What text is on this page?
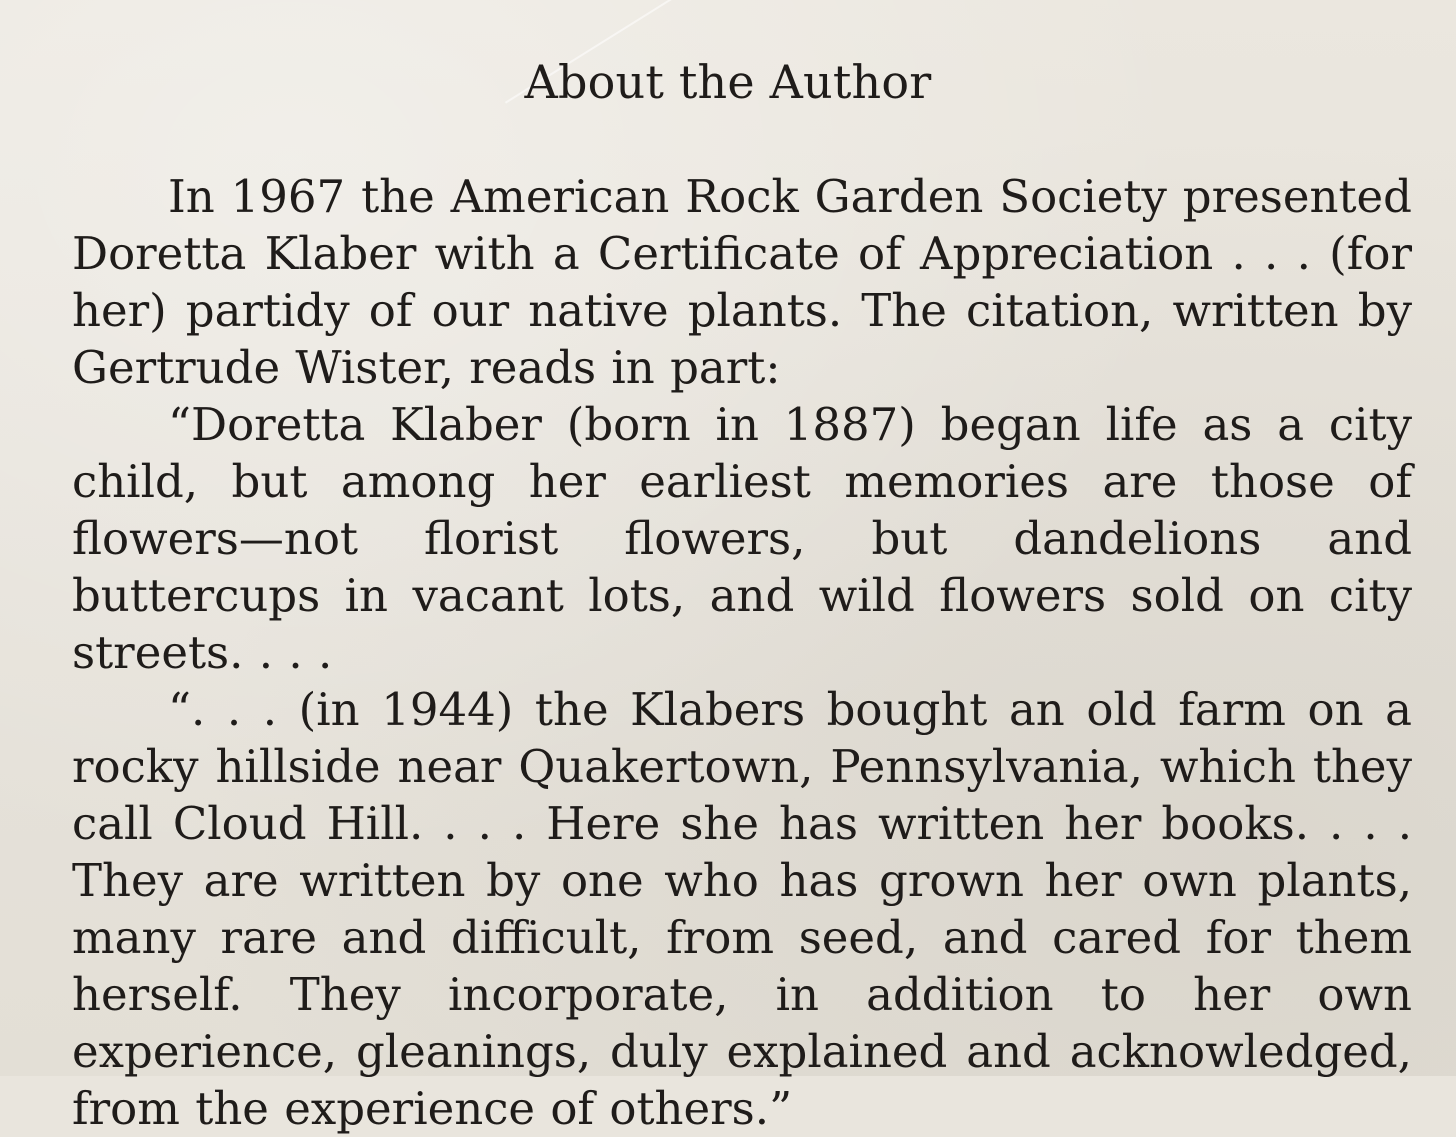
About the Author

In 1967 the American Rock Garden Society presented Doretta Klaber with a Certificate of Appreciation . . . (for her) partidy of our native plants. The citation, written by Gertrude Wister, reads in part:

“Doretta Klaber (born in 1887) began life as a city child, but among her earliest memories are those of flowers—not florist flowers, but dandelions and buttercups in vacant lots, and wild flowers sold on city streets. . . .

“. . . (in 1944) the Klabers bought an old farm on a rocky hillside near Quakertown, Pennsylvania, which they call Cloud Hill. . . . Here she has written her books. . . . They are written by one who has grown her own plants, many rare and difficult, from seed, and cared for them herself. They incorporate, in addition to her own experience, gleanings, duly explained and acknowledged, from the experience of others.”
